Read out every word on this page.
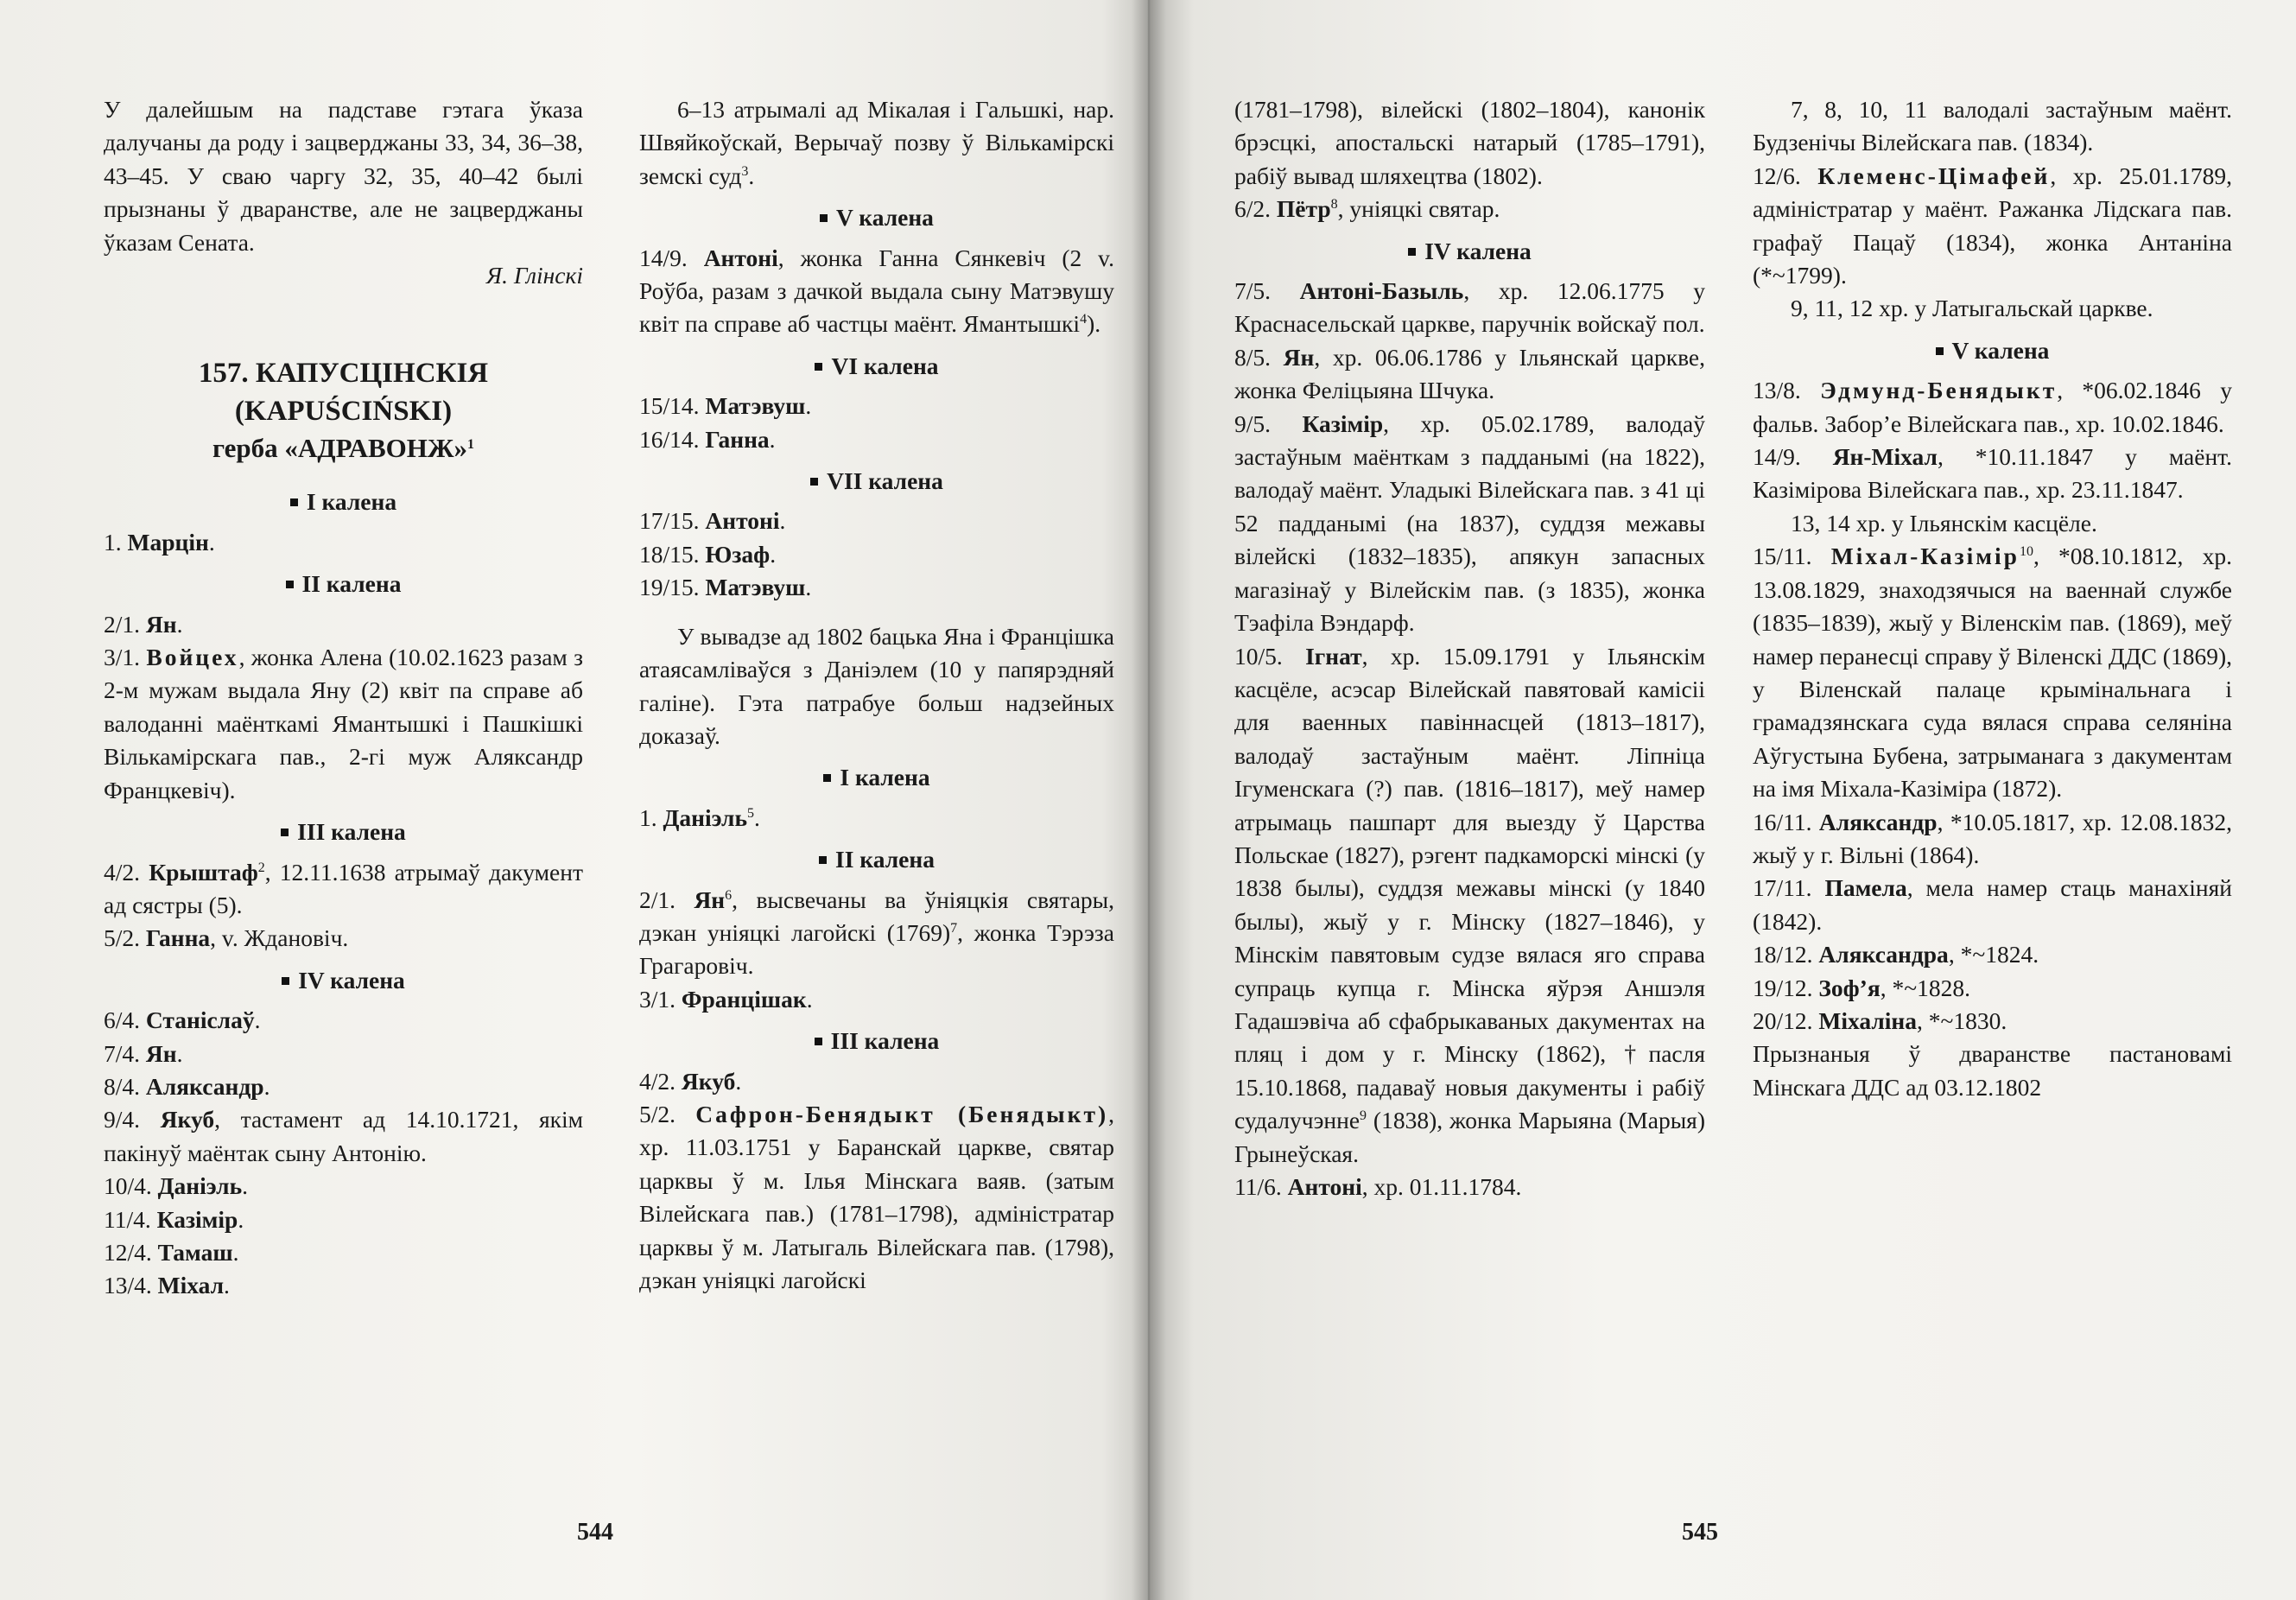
У далейшым на падставе гэтага ўказа далучаны да роду і зацверджаны 33, 34, 36–38, 43–45. У сваю чаргу 32, 35, 40–42 былі прызнаны ў дваранстве, але не зацверджаны ўказам Сената.

Я. Глінскі

157. КАПУСЦІНСКІЯ
(KAPUŚCIŃSKI)
герба «АДРАВОНЖ»$^1$
I калена

1. Марцін.

II калена

2/1. Ян.

3/1. Войцех, жонка Алена (10.02.1623 разам з 2-м мужам выдала Яну (2) квіт па справе аб валоданні маёнткамі Ямантышкі і Пашкішкі Вількамірскага пав., 2-гі муж Аляксандр Францкевіч).

III калена

4/2. Крыштаф$^2$, 12.11.1638 атрымаў дакумент ад сястры (5).

5/2. Ганна, v. Ждановіч.

IV калена

6/4. Станіслаў.

7/4. Ян.

8/4. Аляксандр.

9/4. Якуб, тастамент ад 14.10.1721, якім пакінуў маёнтак сыну Антонію.

10/4. Даніэль.

11/4. Казімір.

12/4. Тамаш.

13/4. Міхал.

6–13 атрымалі ад Мікалая і Гальшкі, нар. Швяйкоўскай, Верычаў позву ў Вількамірскі земскі суд$^3$.

V калена

14/9. Антоні, жонка Ганна Сянкевіч (2 v. Роўба, разам з дачкой выдала сыну Матэвушу квіт па справе аб частцы маёнт. Ямантышкі$^4$).

VI калена

15/14. Матэвуш.

16/14. Ганна.

VII калена

17/15. Антоні.

18/15. Юзаф.

19/15. Матэвуш.

У вывадзе ад 1802 бацька Яна і Францішка атаясамліваўся з Даніэлем (10 у папярэдняй галіне). Гэта патрабуе больш надзейных доказаў.

I калена

1. Даніэль$^5$.

II калена

2/1. $Ян^6$, высвечаны ва ўніяцкія святары, дэкан уніяцкі лагойскі $(1769)^7$, жонка Тэрэза Грагаровіч.

3/1. Францішак.

III калена

4/2. Якуб.

5/2. Сафрон-Бенядыкт (Бенядыкт), хр. 11.03.1751 у Баранскай царкве, святар царквы ў м. Ілья Мінскага ваяв. (затым Вілейскага пав.) (1781–1798), адміністратар царквы ў м. Латыгаль Вілейскага пав. (1798), дэкан уніяцкі лагойскі

544

(1781–1798), вілейскі (1802–1804), канонік брэсцкі, апостальскі натарый (1785–1791), рабіў вывад шляхецтва (1802).

6/2. Пётр$^8$, уніяцкі святар.

IV калена

7/5. Антоні-Базыль, хр. 12.06.1775 у Краснасельскай царкве, паручнік войскаў пол.

8/5. Ян, хр. 06.06.1786 у Ільянскай царкве, жонка Феліцыяна Шчука.

9/5. Казімір, хр. 05.02.1789, валодаў застаўным маёнткам з падданымі (на 1822), валодаў маёнт. Уладыкі Вілейскага пав. з 41 ці 52 падданымі (на 1837), суддзя межавы вілейскі (1832–1835), апякун запасных магазінаў у Вілейскім пав. (з 1835), жонка Тэафіла Вэндарф.

10/5. Ігнат, хр. 15.09.1791 у Ільянскім касцёле, асэсар Вілейскай павятовай камісіі для ваенных павіннасцей (1813–1817), валодаў застаўным маёнт. Ліпніца Ігуменскага (?) пав. (1816–1817), меў намер атрымаць пашпарт для выезду ў Царства Польскае (1827), рэгент падкаморскі мінскі (у 1838 былы), суддзя межавы мінскі (у 1840 былы), жыў у г. Мінску (1827–1846), у Мінскім павятовым судзе вялася яго справа супраць купца г. Мінска яўрэя Аншэля Гадашэвіча аб сфабрыкаваных дакументах на пляц і дом у г. Мінску (1862), †пасля 15.10.1868, падаваў новыя дакументы і рабіў судалучэнне$^9$ (1838), жонка Марыяна (Марыя) Грынеўская.

11/6. Антоні, хр. 01.11.1784.

7, 8, 10, 11 валодалі застаўным маёнт. Будзенічы Вілейскага пав. (1834).

12/6. Клеменс-Цімафей, хр. 25.01.1789, адміністратар у маёнт. Ражанка Лідскага пав. графаў Пацаў (1834), жонка Антаніна (*~1799).

9, 11, 12 хр. у Латыгальскай царкве.

V калена

13/8. Эдмунд-Бенядыкт, *06.02.1846 у фальв. Забор’е Вілейскага пав., хр. 10.02.1846.

14/9. Ян-Міхал, *10.11.1847 у маёнт. Казімірова Вілейскага пав., хр. 23.11.1847.

13, 14 хр. у Ільянскім касцёле.

15/11. Міхал-Казімір$^{10}$, *08.10.1812, хр. 13.08.1829, знаходзячыся на ваеннай службе (1835–1839), жыў у Віленскім пав. (1869), меў намер перанесці справу ў Віленскі ДДС (1869), у Віленскай палаце крымінальнага і грамадзянскага суда вялася справа селяніна Аўгустына Бубена, затрыманага з дакументам на імя Міхала-Казіміра (1872).

16/11. Аляксандр, *10.05.1817, хр. 12.08.1832, жыў у г. Вільні (1864).

17/11. Памела, мела намер стаць манахіняй (1842).

18/12. Аляксандра, *~1824.

19/12. Зоф’я, *~1828.

20/12. Міхаліна, *~1830.

Прызнаныя ў дваранстве пастановамі Мінскага ДДС ад 03.12.1802

545
